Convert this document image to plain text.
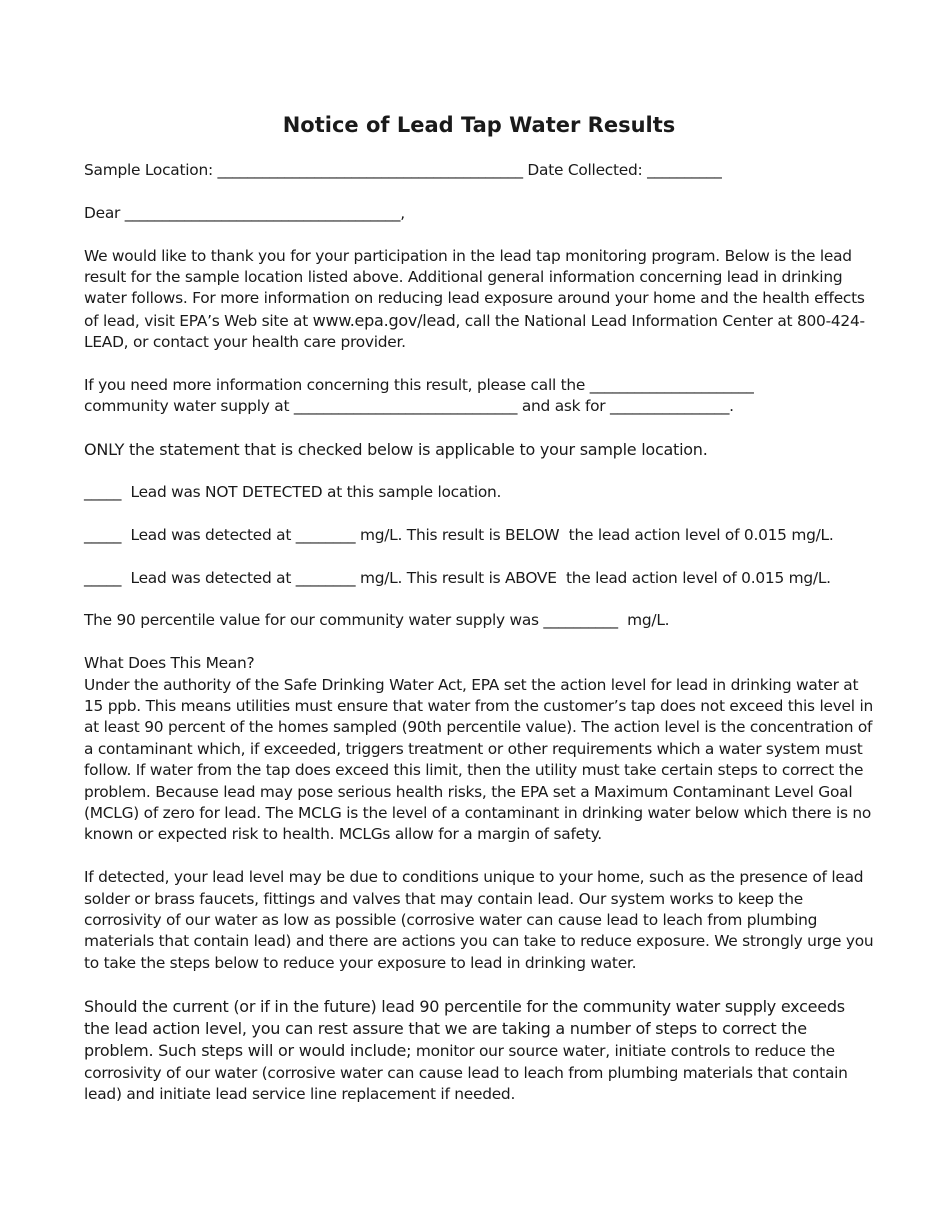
Notice of Lead Tap Water Results

Sample Location: _________________________________________ Date Collected: __________

Dear _____________________________________,

We would like to thank you for your participation in the lead tap monitoring program. Below is the lead result for the sample location listed above. Additional general information concerning lead in drinking water follows. For more information on reducing lead exposure around your home and the health effects of lead, visit EPA’s Web site at www.epa.gov/lead, call the National Lead Information Center at 800-424-LEAD, or contact your health care provider.

If you need more information concerning this result, please call the ______________________

community water supply at ______________________________ and ask for ________________.

ONLY the statement that is checked below is applicable to your sample location.

_____  Lead was NOT DETECTED at this sample location.

_____  Lead was detected at ________ mg/L. This result is BELOW  the lead action level of 0.015 mg/L.

_____  Lead was detected at ________ mg/L. This result is ABOVE  the lead action level of 0.015 mg/L.

The 90 percentile value for our community water supply was __________  mg/L.

What Does This Mean?

Under the authority of the Safe Drinking Water Act, EPA set the action level for lead in drinking water at 15 ppb. This means utilities must ensure that water from the customer’s tap does not exceed this level in at least 90 percent of the homes sampled (90th percentile value). The action level is the concentration of a contaminant which, if exceeded, triggers treatment or other requirements which a water system must follow. If water from the tap does exceed this limit, then the utility must take certain steps to correct the problem. Because lead may pose serious health risks, the EPA set a Maximum Contaminant Level Goal (MCLG) of zero for lead. The MCLG is the level of a contaminant in drinking water below which there is no known or expected risk to health. MCLGs allow for a margin of safety.

If detected, your lead level may be due to conditions unique to your home, such as the presence of lead solder or brass faucets, fittings and valves that may contain lead. Our system works to keep the corrosivity of our water as low as possible (corrosive water can cause lead to leach from plumbing materials that contain lead) and there are actions you can take to reduce exposure. We strongly urge you to take the steps below to reduce your exposure to lead in drinking water.

Should the current (or if in the future) lead 90 percentile for the community water supply exceeds the lead action level, you can rest assure that we are taking a number of steps to correct the problem. Such steps will or would include; monitor our source water, initiate controls to reduce the corrosivity of our water (corrosive water can cause lead to leach from plumbing materials that contain lead) and initiate lead service line replacement if needed.
